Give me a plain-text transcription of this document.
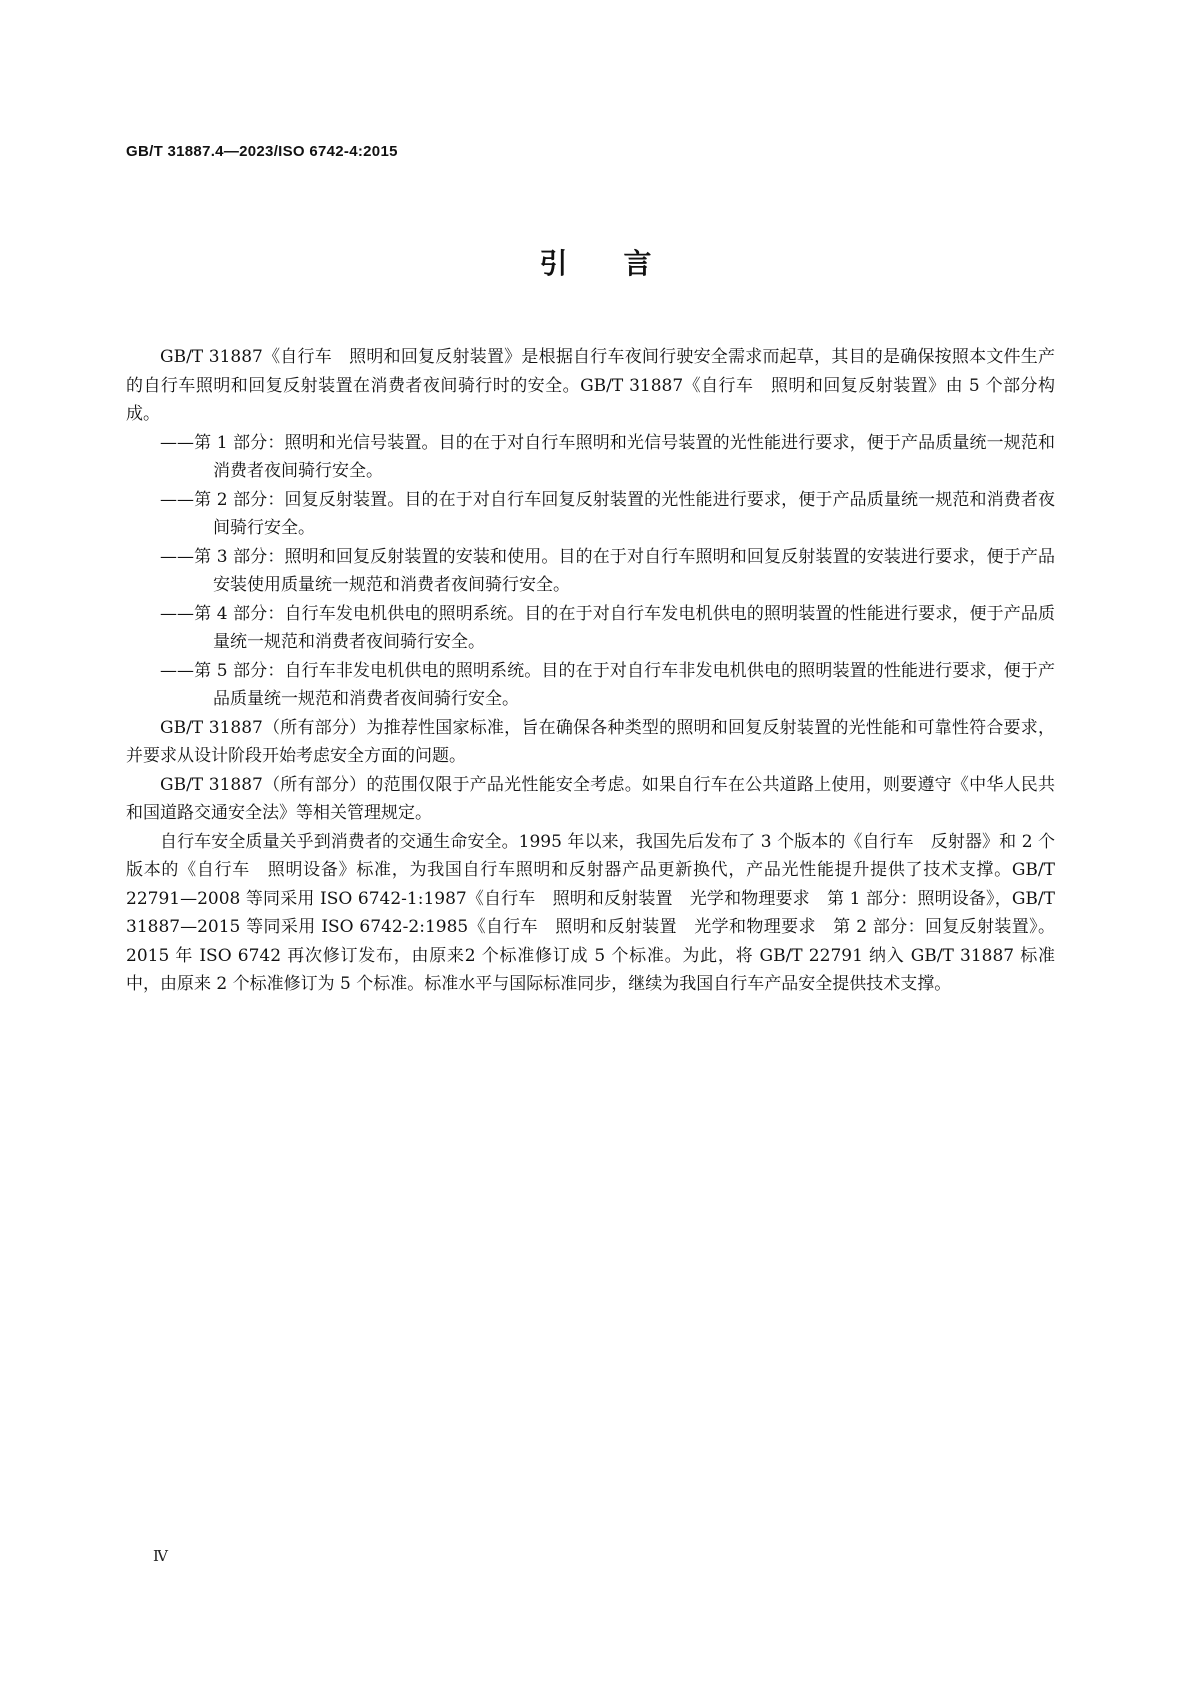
GB/T 31887.4—2023/ISO 6742-4:2015
引言

GB/T 31887《自行车　照明和回复反射装置》是根据自行车夜间行驶安全需求而起草，其目的是确保按照本文件生产的自行车照明和回复反射装置在消费者夜间骑行时的安全。GB/T 31887《自行车　照明和回复反射装置》由 5 个部分构成。

——第 1 部分：照明和光信号装置。目的在于对自行车照明和光信号装置的光性能进行要求，便于产品质量统一规范和消费者夜间骑行安全。

——第 2 部分：回复反射装置。目的在于对自行车回复反射装置的光性能进行要求，便于产品质量统一规范和消费者夜间骑行安全。

——第 3 部分：照明和回复反射装置的安装和使用。目的在于对自行车照明和回复反射装置的安装进行要求，便于产品安装使用质量统一规范和消费者夜间骑行安全。

——第 4 部分：自行车发电机供电的照明系统。目的在于对自行车发电机供电的照明装置的性能进行要求，便于产品质量统一规范和消费者夜间骑行安全。

——第 5 部分：自行车非发电机供电的照明系统。目的在于对自行车非发电机供电的照明装置的性能进行要求，便于产品质量统一规范和消费者夜间骑行安全。

GB/T 31887（所有部分）为推荐性国家标准，旨在确保各种类型的照明和回复反射装置的光性能和可靠性符合要求，并要求从设计阶段开始考虑安全方面的问题。

GB/T 31887（所有部分）的范围仅限于产品光性能安全考虑。如果自行车在公共道路上使用，则要遵守《中华人民共和国道路交通安全法》等相关管理规定。

自行车安全质量关乎到消费者的交通生命安全。1995 年以来，我国先后发布了 3 个版本的《自行车　反射器》和 2 个版本的《自行车　照明设备》标准，为我国自行车照明和反射器产品更新换代，产品光性能提升提供了技术支撑。GB/T 22791—2008 等同采用 ISO 6742-1:1987《自行车　照明和反射装置　光学和物理要求　第 1 部分：照明设备》，GB/T 31887—2015 等同采用 ISO 6742-2:1985《自行车　照明和反射装置　光学和物理要求　第 2 部分：回复反射装置》。2015 年 ISO 6742 再次修订发布，由原来2 个标准修订成 5 个标准。为此，将 GB/T 22791 纳入 GB/T 31887 标准中，由原来 2 个标准修订为 5 个标准。标准水平与国际标准同步，继续为我国自行车产品安全提供技术支撑。

Ⅳ
